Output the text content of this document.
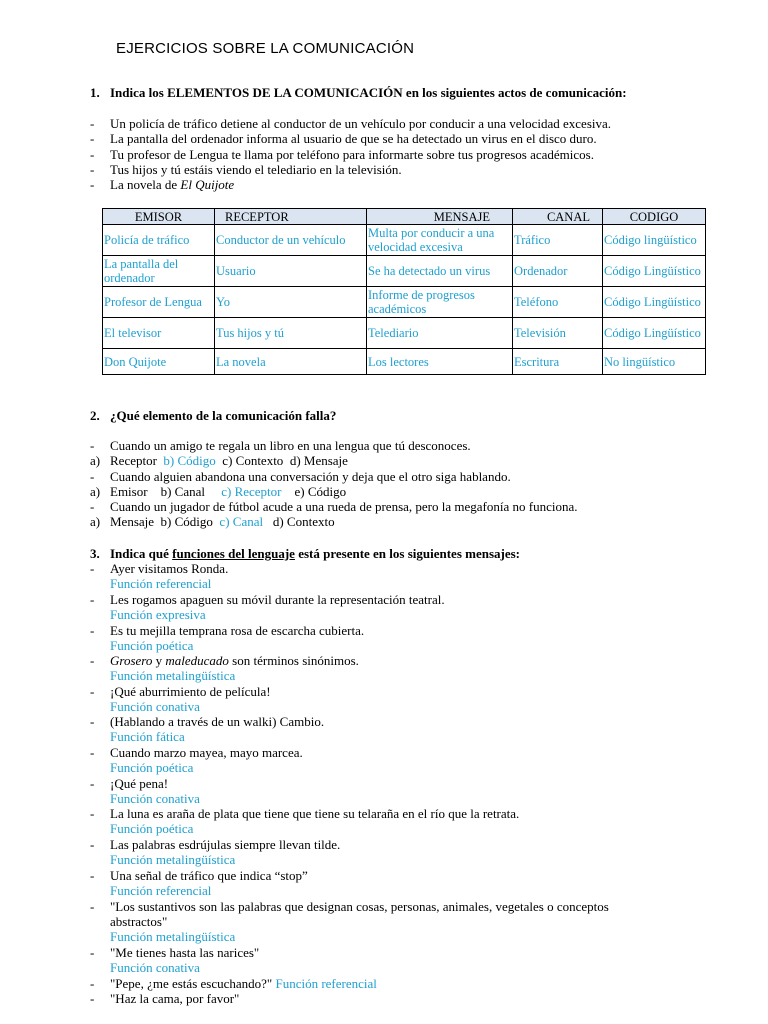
EJERCICIOS SOBRE LA COMUNICACIÓN
1. Indica los ELEMENTOS DE LA COMUNICACIÓN en los siguientes actos de comunicación:
- Un policía de tráfico detiene al conductor de un vehículo por conducir a una velocidad excesiva.
- La pantalla del ordenador informa al usuario de que se ha detectado un virus en el disco duro.
- Tu profesor de Lengua te llama por teléfono para informarte sobre tus progresos académicos.
- Tus hijos y tú estáis viendo el telediario en la televisión.
- La novela de El Quijote
EMISOR	RECEPTOR	MENSAJE	CANAL	CODIGO
Policía de tráfico	Conductor de un vehículo	Multa por conducir a una velocidad excesiva	Tráfico	Código lingüístico
La pantalla del ordenador	Usuario	Se ha detectado un virus	Ordenador	Código Lingüístico
Profesor de Lengua	Yo	Informe de progresos académicos	Teléfono	Código Lingüístico
El televisor	Tus hijos y tú	Telediario	Televisión	Código Lingüístico
Don Quijote	La novela	Los lectores	Escritura	No lingüístico
2. ¿Qué elemento de la comunicación falla?
- Cuando un amigo te regala un libro en una lengua que tú desconoces.
a) Receptor b) Código c) Contexto d) Mensaje
- Cuando alguien abandona una conversación y deja que el otro siga hablando.
a) Emisor b) Canal c) Receptor e) Código
- Cuando un jugador de fútbol acude a una rueda de prensa, pero la megafonía no funciona.
a) Mensaje b) Código c) Canal d) Contexto
3. Indica qué funciones del lenguaje está presente en los siguientes mensajes:
- Ayer visitamos Ronda.
Función referencial
- Les rogamos apaguen su móvil durante la representación teatral.
Función expresiva
- Es tu mejilla temprana rosa de escarcha cubierta.
Función poética
- Grosero y maleducado son términos sinónimos.
Función metalingüística
- ¡Qué aburrimiento de película!
Función conativa
- (Hablando a través de un walki) Cambio.
Función fática
- Cuando marzo mayea, mayo marcea.
Función poética
- ¡Qué pena!
Función conativa
- La luna es araña de plata que tiene que tiene su telaraña en el río que la retrata.
Función poética
- Las palabras esdrújulas siempre llevan tilde.
Función metalingüística
- Una señal de tráfico que indica “stop”
Función referencial
- "Los sustantivos son las palabras que designan cosas, personas, animales, vegetales o conceptos
abstractos"
Función metalingüística
- "Me tienes hasta las narices"
Función conativa
- "Pepe, ¿me estás escuchando?" Función referencial
- "Haz la cama, por favor"
